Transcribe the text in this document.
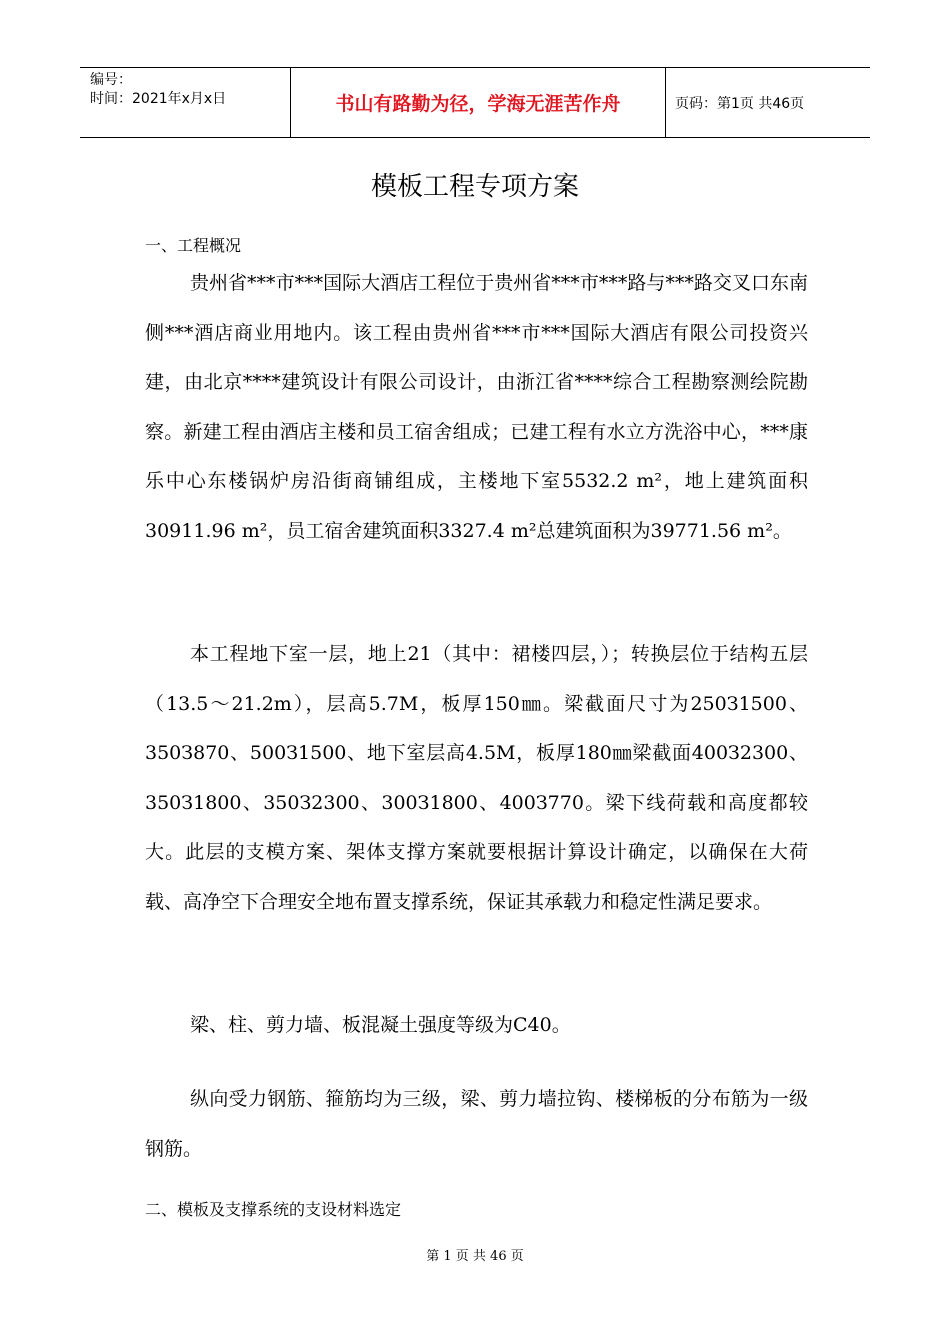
编号：
时间：2021年x月x日	书山有路勤为径，学海无涯苦作舟	页码：第1页 共46页
模板工程专项方案
一、工程概况

贵州省***市***国际大酒店工程位于贵州省***市***路与***路交叉口东南侧***酒店商业用地内。该工程由贵州省***市***国际大酒店有限公司投资兴建，由北京****建筑设计有限公司设计，由浙江省****综合工程勘察测绘院勘察。新建工程由酒店主楼和员工宿舍组成；已建工程有水立方洗浴中心，***康乐中心东楼锅炉房沿街商铺组成，主楼地下室5532.2 m²，地上建筑面积30911.96 m²，员工宿舍建筑面积3327.4 m²总建筑面积为39771.56 m²。

本工程地下室一层，地上21（其中：裙楼四层，）；转换层位于结构五层（13.5～21.2m），层高5.7M，板厚150㎜。梁截面尺寸为250З1500、350З870、500З1500、地下室层高4.5M，板厚180㎜梁截面400З2300、350З1800、350З2300、300З1800、400З770。梁下线荷载和高度都较大。此层的支模方案、架体支撑方案就要根据计算设计确定，以确保在大荷载、高净空下合理安全地布置支撑系统，保证其承载力和稳定性满足要求。

梁、柱、剪力墙、板混凝土强度等级为C40。

纵向受力钢筋、箍筋均为三级，梁、剪力墙拉钩、楼梯板的分布筋为一级钢筋。

二、模板及支撑系统的支设材料选定
第 1 页 共 46 页
